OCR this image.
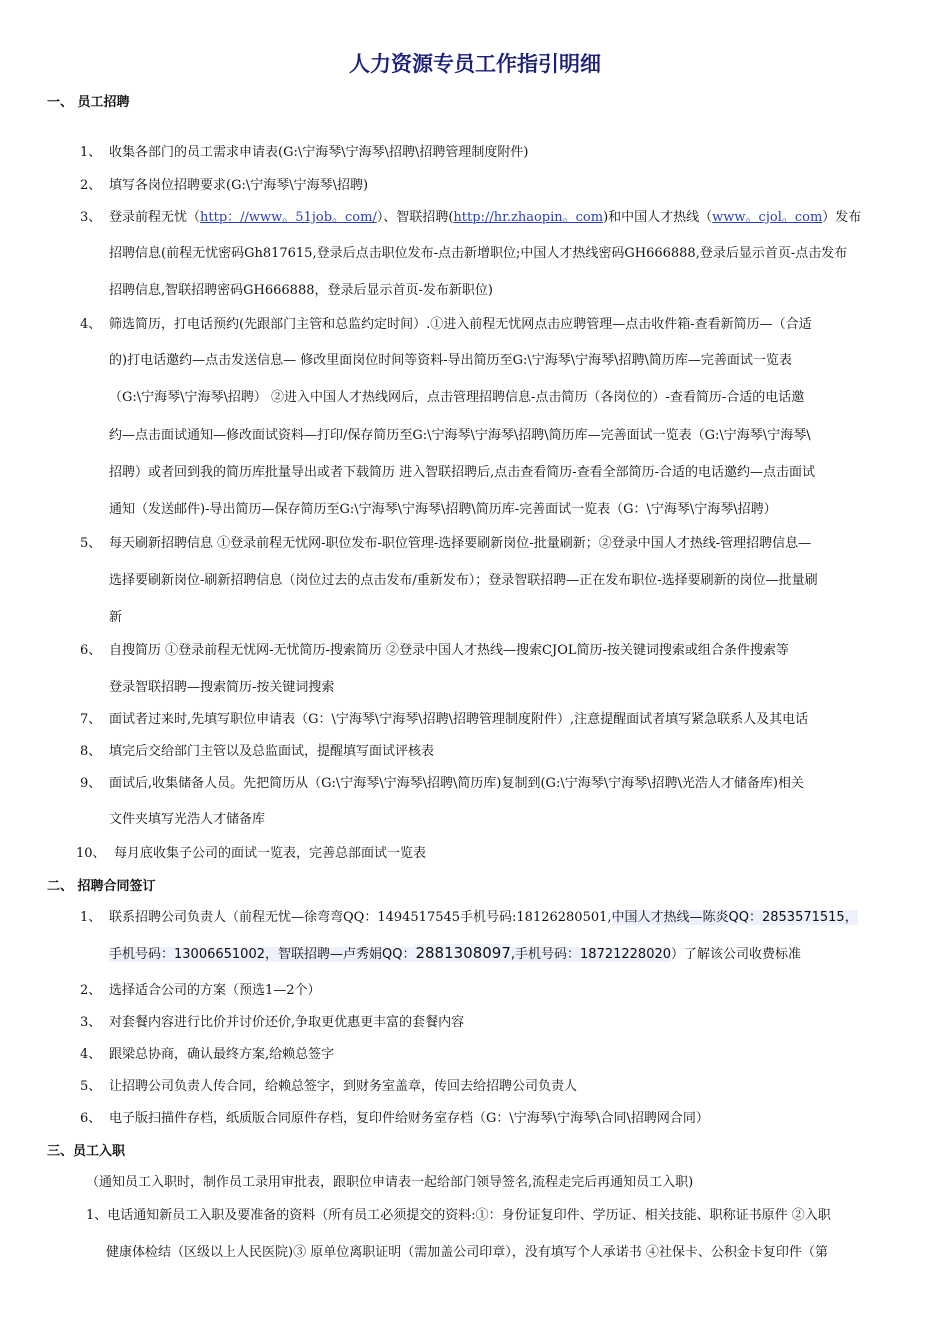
人力资源专员工作指引明细
一、 员工招聘
1、 收集各部门的员工需求申请表(G:\宁海琴\宁海琴\招聘\招聘管理制度附件)
2、 填写各岗位招聘要求(G:\宁海琴\宁海琴\招聘)
3、 登录前程无忧（http：//www。51job。com/）、智联招聘(http://hr.zhaopin。com)和中国人才热线（www。cjol。com）发布
招聘信息(前程无忧密码Gh817615,登录后点击职位发布-点击新增职位;中国人才热线密码GH666888,登录后显示首页-点击发布
招聘信息,智联招聘密码GH666888，登录后显示首页-发布新职位)
4、 筛选简历，打电话预约(先跟部门主管和总监约定时间）.①进入前程无忧网点击应聘管理—点击收件箱-查看新简历—（合适
的)打电话邀约—点击发送信息— 修改里面岗位时间等资料-导出简历至G:\宁海琴\宁海琴\招聘\简历库—完善面试一览表
（G:\宁海琴\宁海琴\招聘） ②进入中国人才热线网后，点击管理招聘信息-点击简历（各岗位的）-查看简历-合适的电话邀
约—点击面试通知—修改面试资料—打印/保存简历至G:\宁海琴\宁海琴\招聘\简历库—完善面试一览表（G:\宁海琴\宁海琴\
招聘）或者回到我的简历库批量导出或者下载简历 进入智联招聘后,点击查看简历-查看全部简历-合适的电话邀约—点击面试
通知（发送邮件)-导出简历—保存简历至G:\宁海琴\宁海琴\招聘\简历库-完善面试一览表（G：\宁海琴\宁海琴\招聘）
5、 每天刷新招聘信息 ①登录前程无忧网-职位发布-职位管理-选择要刷新岗位-批量刷新；②登录中国人才热线-管理招聘信息—
选择要刷新岗位-刷新招聘信息（岗位过去的点击发布/重新发布）；登录智联招聘—正在发布职位-选择要刷新的岗位—批量刷
新
6、 自搜简历 ①登录前程无忧网-无忧简历-搜索简历 ②登录中国人才热线—搜索CJOL简历-按关键词搜索或组合条件搜索等
登录智联招聘—搜索简历-按关键词搜索
7、 面试者过来时,先填写职位申请表（G：\宁海琴\宁海琴\招聘\招聘管理制度附件）,注意提醒面试者填写紧急联系人及其电话
8、 填完后交给部门主管以及总监面试，提醒填写面试评核表
9、 面试后,收集储备人员。先把简历从（G:\宁海琴\宁海琴\招聘\简历库)复制到(G:\宁海琴\宁海琴\招聘\光浩人才储备库)相关
文件夹填写光浩人才储备库
10、 每月底收集子公司的面试一览表，完善总部面试一览表
二、 招聘合同签订
1、 联系招聘公司负责人（前程无忧—徐弯弯QQ：1494517545手机号码:18126280501,中国人才热线—陈炎QQ：2853571515，
手机号码：13006651002，智联招聘—卢秀娟QQ：2881308097,手机号码：18721228020）了解该公司收费标准
2、 选择适合公司的方案（预选1—2个）
3、 对套餐内容进行比价并讨价还价,争取更优惠更丰富的套餐内容
4、 跟梁总协商，确认最终方案,给赖总签字
5、 让招聘公司负责人传合同，给赖总签字，到财务室盖章，传回去给招聘公司负责人
6、 电子版扫描件存档，纸质版合同原件存档，复印件给财务室存档（G：\宁海琴\宁海琴\合同\招聘网合同）
三、员工入职
（通知员工入职时，制作员工录用审批表，跟职位申请表一起给部门领导签名,流程走完后再通知员工入职)
1、电话通知新员工入职及要准备的资料（所有员工必须提交的资料:①：身份证复印件、学历证、相关技能、职称证书原件 ②入职
健康体检结（区级以上人民医院)③ 原单位离职证明（需加盖公司印章），没有填写个人承诺书 ④社保卡、公积金卡复印件（第
